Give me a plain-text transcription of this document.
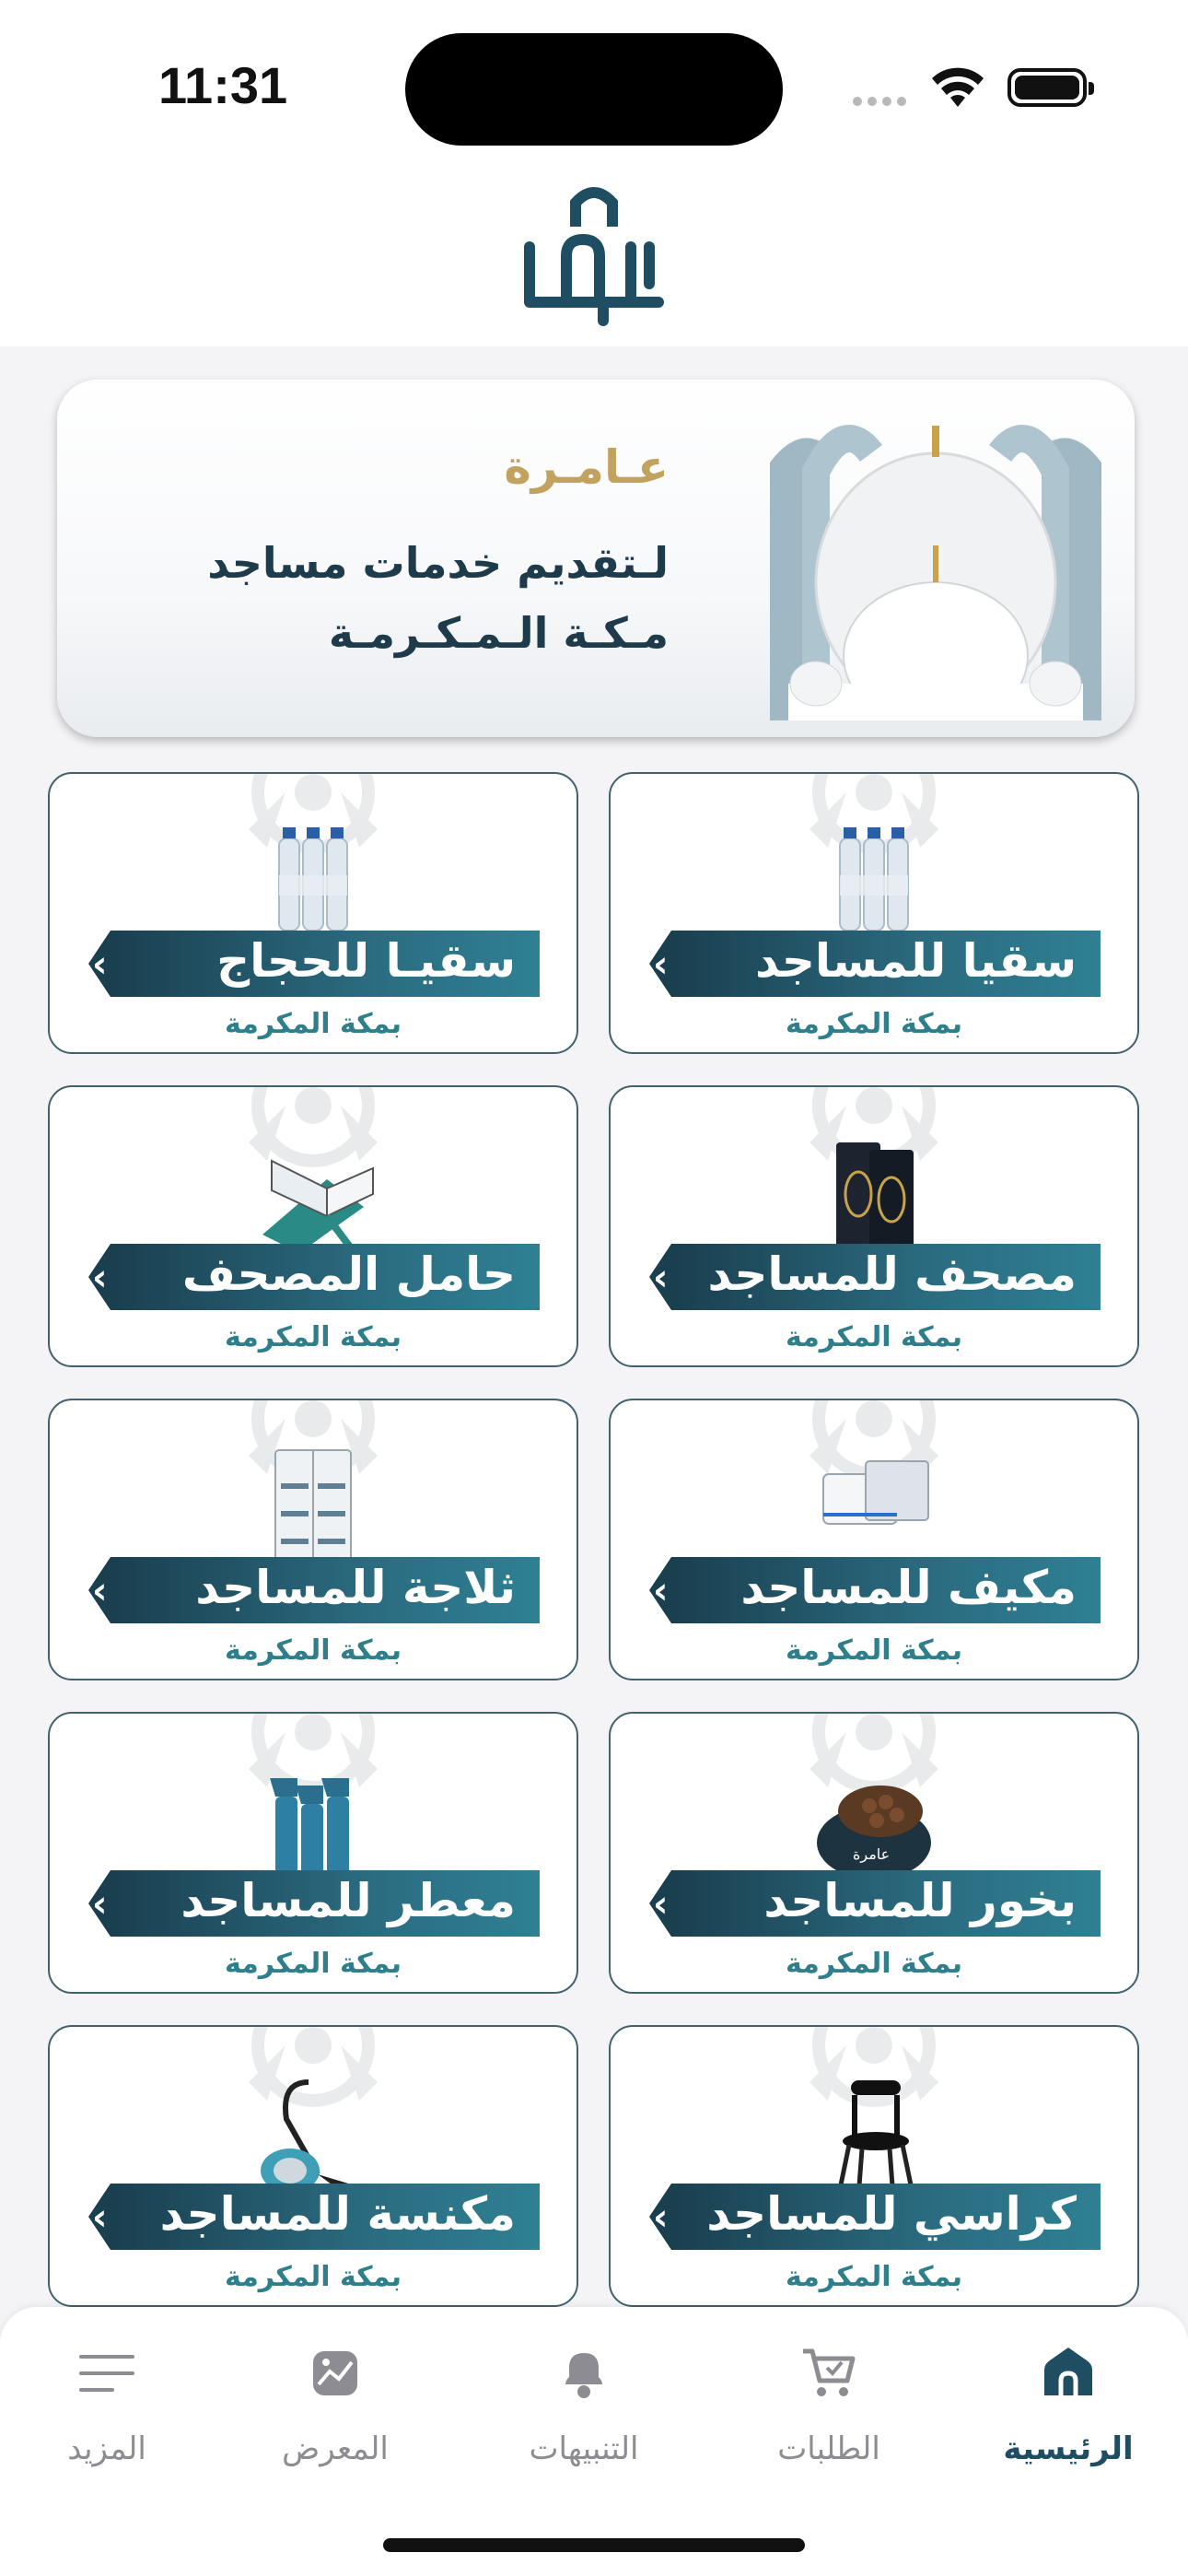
11:31
عـامـرة
لـتقديم خدمات مساجد
مـكـة الـمـكـرمـة
‹ سقيا للمساجد
بمكة المكرمة
‹ سقيـا للحجاج
بمكة المكرمة
‹ مصحف للمساجد
بمكة المكرمة
‹ حامل المصحف
بمكة المكرمة
‹ مكيف للمساجد
بمكة المكرمة
‹ ثلاجة للمساجد
بمكة المكرمة
عامرة
‹ بخور للمساجد
بمكة المكرمة
‹ معطر للمساجد
بمكة المكرمة
‹ كراسي للمساجد
بمكة المكرمة
‹ مكنسة للمساجد
بمكة المكرمة
الرئيسية
الطلبات
التنبيهات
المعرض
المزيد
